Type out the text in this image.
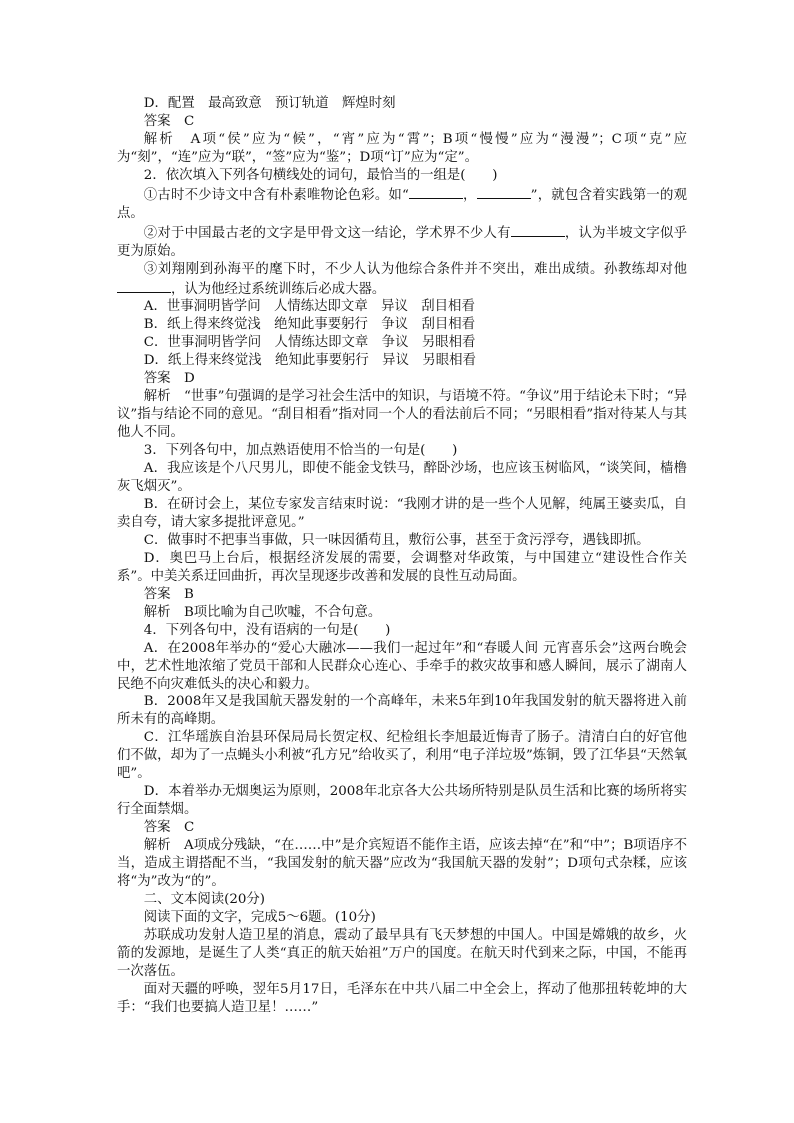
D．配置　最高致意　预订轨道　辉煌时刻

答案　C

解析　A项“侯”应为“候”，“宵”应为“霄”；B项“慢慢”应为“漫漫”；C项“克”应为“刻”，“连”应为“联”，“签”应为“鉴”；D项“订”应为“定”。

2．依次填入下列各句横线处的词句，最恰当的一组是(　　)

①古时不少诗文中含有朴素唯物论色彩。如“	，	”，就包含着实践第一的观点。

②对于中国最古老的文字是甲骨文这一结论，学术界不少人有	，认为半坡文字似乎更为原始。

③刘翔刚到孙海平的麾下时，不少人认为他综合条件并不突出，难出成绩。孙教练却对他，认为他经过系统训练后必成大器。

A．世事洞明皆学问　人情练达即文章　异议　刮目相看

B．纸上得来终觉浅　绝知此事要躬行　争议　刮目相看

C．世事洞明皆学问　人情练达即文章　争议　另眼相看

D．纸上得来终觉浅　绝知此事要躬行　异议　另眼相看

答案　D

解析　“世事”句强调的是学习社会生活中的知识，与语境不符。“争议”用于结论未下时；“异议”指与结论不同的意见。“刮目相看”指对同一个人的看法前后不同；“另眼相看”指对待某人与其他人不同。

3．下列各句中，加点熟语使用不恰当的一句是(　　)

A．我应该是个八尺男儿，即使不能金戈铁马，醉卧沙场，也应该玉树临风，“谈笑间，樯橹灰飞烟灭”。

B．在研讨会上，某位专家发言结束时说：“我刚才讲的是一些个人见解，纯属王婆卖瓜，自卖自夸，请大家多提批评意见。”

C．做事时不把事当事做，只一味因循苟且，敷衍公事，甚至于贪污浮夸，遇钱即抓。

D．奥巴马上台后，根据经济发展的需要，会调整对华政策，与中国建立“建设性合作关系”。中美关系迂回曲折，再次呈现逐步改善和发展的良性互动局面。

答案　B

解析　B项比喻为自己吹嘘，不合句意。

4．下列各句中，没有语病的一句是(　　)

A．在2008年举办的“爱心大融冰——我们一起过年”和“春暖人间 元宵喜乐会”这两台晚会中，艺术性地浓缩了党员干部和人民群众心连心、手牵手的救灾故事和感人瞬间，展示了湖南人民绝不向灾难低头的决心和毅力。

B．2008年又是我国航天器发射的一个高峰年，未来5年到10年我国发射的航天器将进入前所未有的高峰期。

C．江华瑶族自治县环保局局长贺定权、纪检组长李旭最近悔青了肠子。清清白白的好官他们不做，却为了一点蝇头小利被“孔方兄”给收买了，利用“电子洋垃圾”炼铜，毁了江华县“天然氧吧”。

D．本着举办无烟奥运为原则，2008年北京各大公共场所特别是队员生活和比赛的场所将实行全面禁烟。

答案　C

解析　A项成分残缺，“在……中”是介宾短语不能作主语，应该去掉“在”和“中”；B项语序不当，造成主谓搭配不当，“我国发射的航天器”应改为“我国航天器的发射”；D项句式杂糅，应该将“为”改为“的”。

二、文本阅读(20分)

阅读下面的文字，完成5～6题。(10分)

苏联成功发射人造卫星的消息，震动了最早具有飞天梦想的中国人。中国是嫦娥的故乡，火箭的发源地，是诞生了人类“真正的航天始祖”万户的国度。在航天时代到来之际，中国，不能再一次落伍。

面对天疆的呼唤，翌年5月17日，毛泽东在中共八届二中全会上，挥动了他那扭转乾坤的大手：“我们也要搞人造卫星！……”
